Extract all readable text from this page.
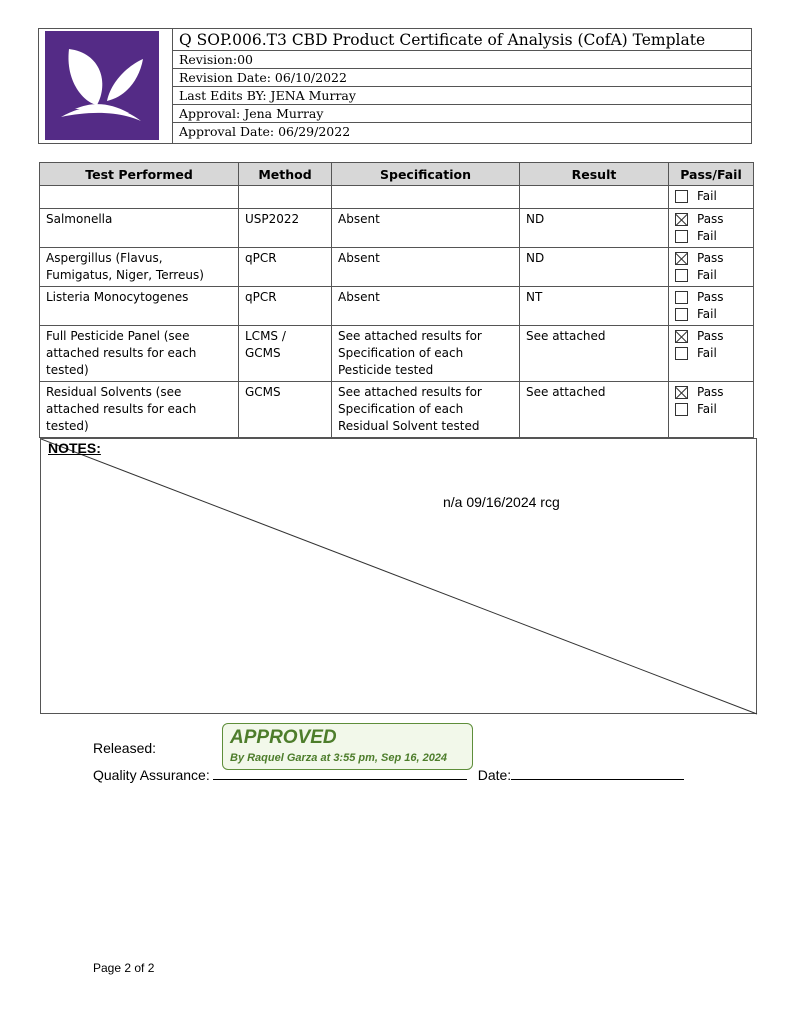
Q SOP.006.T3 CBD Product Certificate of Analysis (CofA) Template
Revision:00
Revision Date: 06/10/2022
Last Edits BY: JENA Murray
Approval: Jena Murray
Approval Date: 06/29/2022
Test Performed	Method	Specification	Result	Pass/Fail

				Fail

Salmonella	USP2022	Absent	ND	Pass
Fail

Aspergillus (Flavus, Fumigatus, Niger, Terreus)	qPCR	Absent	ND	Pass
Fail

Listeria Monocytogenes	qPCR	Absent	NT	Pass
Fail

Full Pesticide Panel (see attached results for each tested)	LCMS / GCMS	See attached results for Specification of each Pesticide tested	See attached	Pass
Fail

Residual Solvents (see attached results for each tested)	GCMS	See attached results for Specification of each Residual Solvent tested	See attached	Pass
Fail
NOTES:
n/a 09/16/2024 rcg
Released:
Quality Assurance:	Date:
APPROVED
By Raquel Garza at 3:55 pm, Sep 16, 2024
Page 2 of 2
